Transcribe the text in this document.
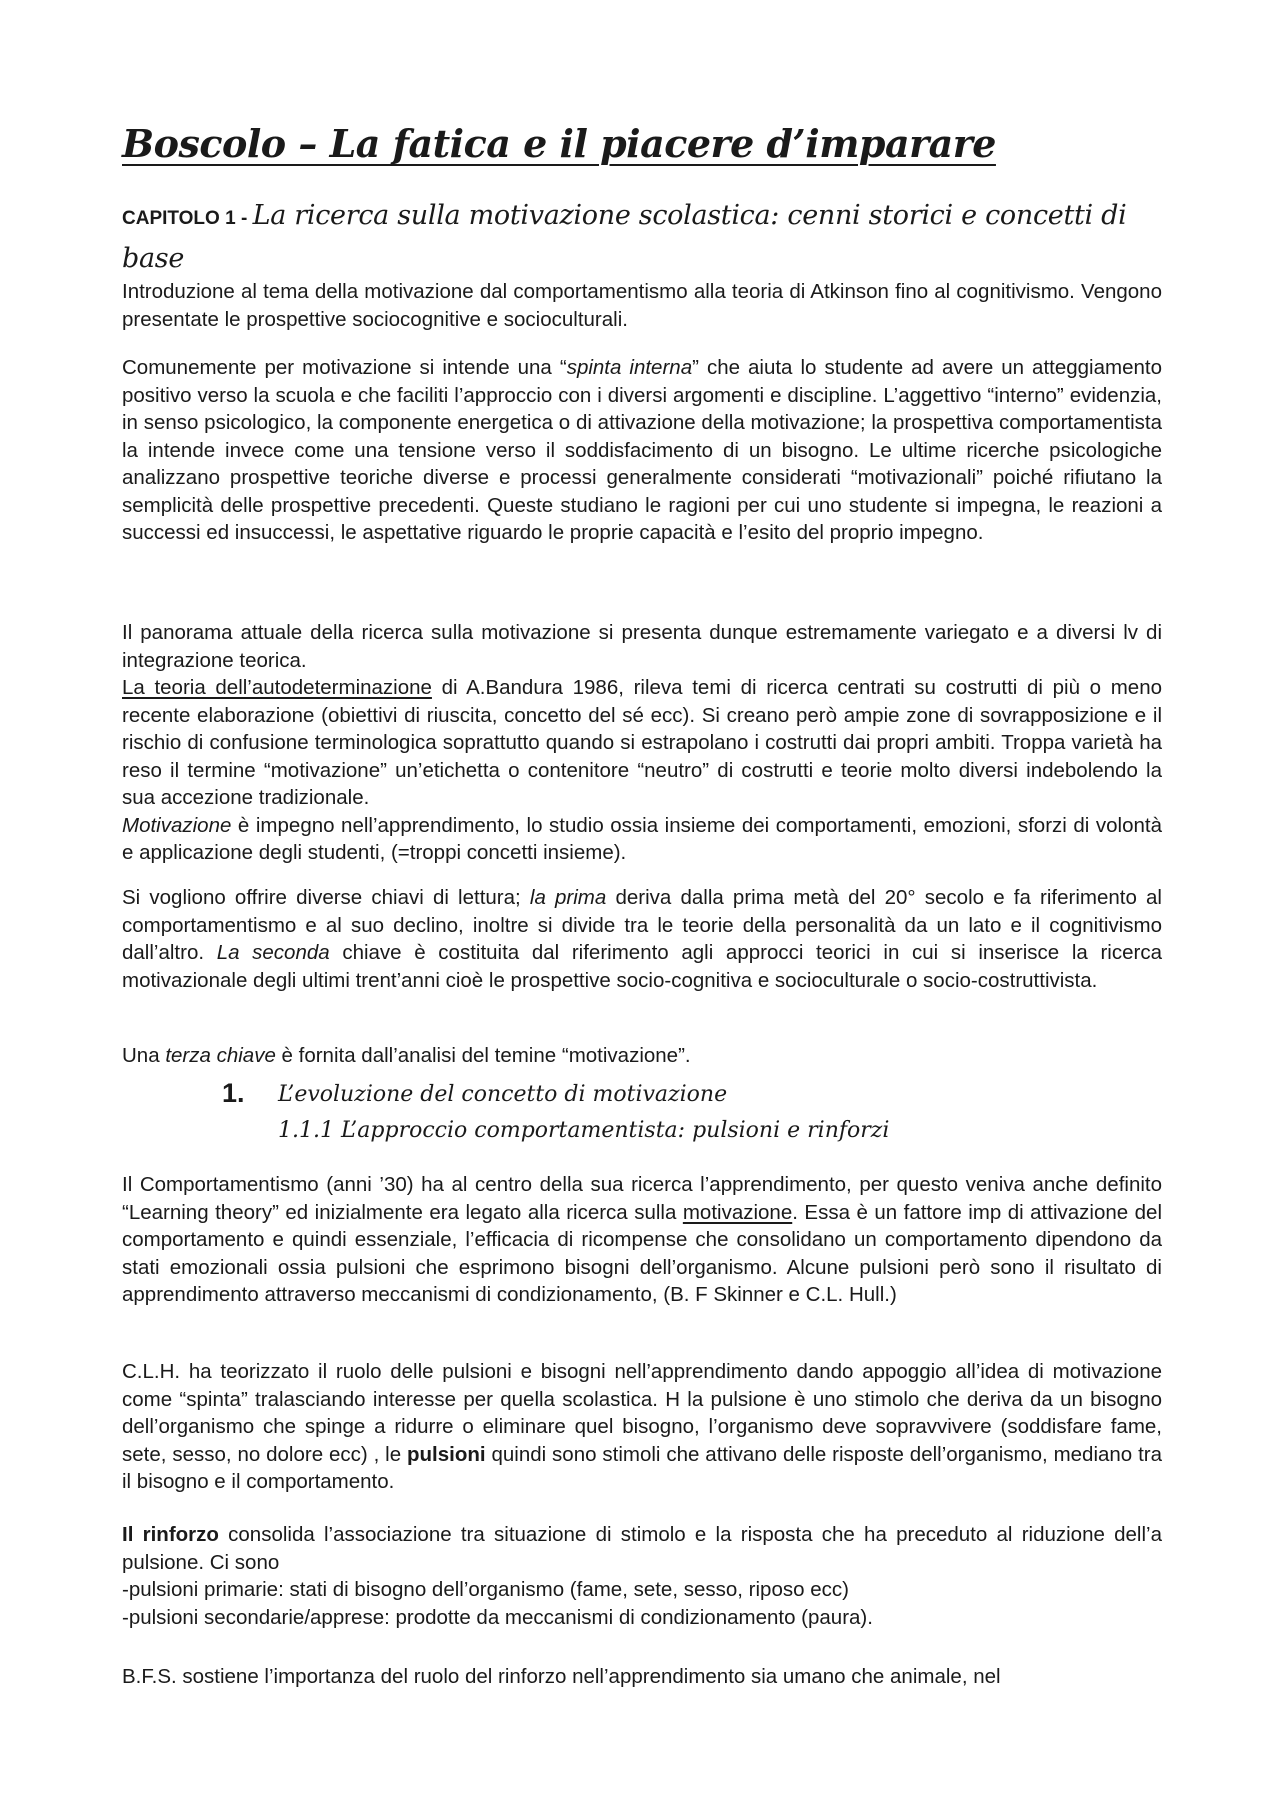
Boscolo – La fatica e il piacere d’imparare
CAPITOLO 1 - La ricerca sulla motivazione scolastica: cenni storici e concetti di base
Introduzione al tema della motivazione dal comportamentismo alla teoria di Atkinson fino al cognitivismo. Vengono presentate le prospettive sociocognitive e socioculturali.
Comunemente per motivazione si intende una “spinta interna” che aiuta lo studente ad avere un atteggiamento positivo verso la scuola e che faciliti l’approccio con i diversi argomenti e discipline. L’aggettivo “interno” evidenzia, in senso psicologico, la componente energetica o di attivazione della motivazione; la prospettiva comportamentista la intende invece come una tensione verso il soddisfacimento di un bisogno. Le ultime ricerche psicologiche analizzano prospettive teoriche diverse e processi generalmente considerati “motivazionali” poiché rifiutano la semplicità delle prospettive precedenti. Queste studiano le ragioni per cui uno studente si impegna, le reazioni a successi ed insuccessi, le aspettative riguardo le proprie capacità e l’esito del proprio impegno.

Il panorama attuale della ricerca sulla motivazione si presenta dunque estremamente variegato e a diversi lv di integrazione teorica.

La teoria dell’autodeterminazione di A.Bandura 1986, rileva temi di ricerca centrati su costrutti di più o meno recente elaborazione (obiettivi di riuscita, concetto del sé ecc). Si creano però ampie zone di sovrapposizione e il rischio di confusione terminologica soprattutto quando si estrapolano i costrutti dai propri ambiti. Troppa varietà ha reso il termine “motivazione” un’etichetta o contenitore “neutro” di costrutti e teorie molto diversi indebolendo la sua accezione tradizionale.

Motivazione è impegno nell’apprendimento, lo studio ossia insieme dei comportamenti, emozioni, sforzi di volontà e applicazione degli studenti, (=troppi concetti insieme).

Si vogliono offrire diverse chiavi di lettura; la prima deriva dalla prima metà del 20° secolo e fa riferimento al comportamentismo e al suo declino, inoltre si divide tra le teorie della personalità da un lato e il cognitivismo dall’altro. La seconda chiave è costituita dal riferimento agli approcci teorici in cui si inserisce la ricerca motivazionale degli ultimi trent’anni cioè le prospettive socio-cognitiva e socioculturale o socio-costruttivista.
Una terza chiave è fornita dall’analisi del temine “motivazione”.
1. L’evoluzione del concetto di motivazione
1.1.1 L’approccio comportamentista: pulsioni e rinforzi
Il Comportamentismo (anni ’30) ha al centro della sua ricerca l’apprendimento, per questo veniva anche definito “Learning theory” ed inizialmente era legato alla ricerca sulla motivazione. Essa è un fattore imp di attivazione del comportamento e quindi essenziale, l’efficacia di ricompense che consolidano un comportamento dipendono da stati emozionali ossia pulsioni che esprimono bisogni dell’organismo. Alcune pulsioni però sono il risultato di apprendimento attraverso meccanismi di condizionamento, (B. F Skinner e C.L. Hull.)
C.L.H. ha teorizzato il ruolo delle pulsioni e bisogni nell’apprendimento dando appoggio all’idea di motivazione come “spinta” tralasciando interesse per quella scolastica. H la pulsione è uno stimolo che deriva da un bisogno dell’organismo che spinge a ridurre o eliminare quel bisogno, l’organismo deve sopravvivere (soddisfare fame, sete, sesso, no dolore ecc) , le pulsioni quindi sono stimoli che attivano delle risposte dell’organismo, mediano tra il bisogno e il comportamento.

Il rinforzo consolida l’associazione tra situazione di stimolo e la risposta che ha preceduto al riduzione dell’a pulsione. Ci sono

-pulsioni primarie: stati di bisogno dell’organismo (fame, sete, sesso, riposo ecc)

-pulsioni secondarie/apprese: prodotte da meccanismi di condizionamento (paura).

B.F.S. sostiene l’importanza del ruolo del rinforzo nell’apprendimento sia umano che animale, nel
